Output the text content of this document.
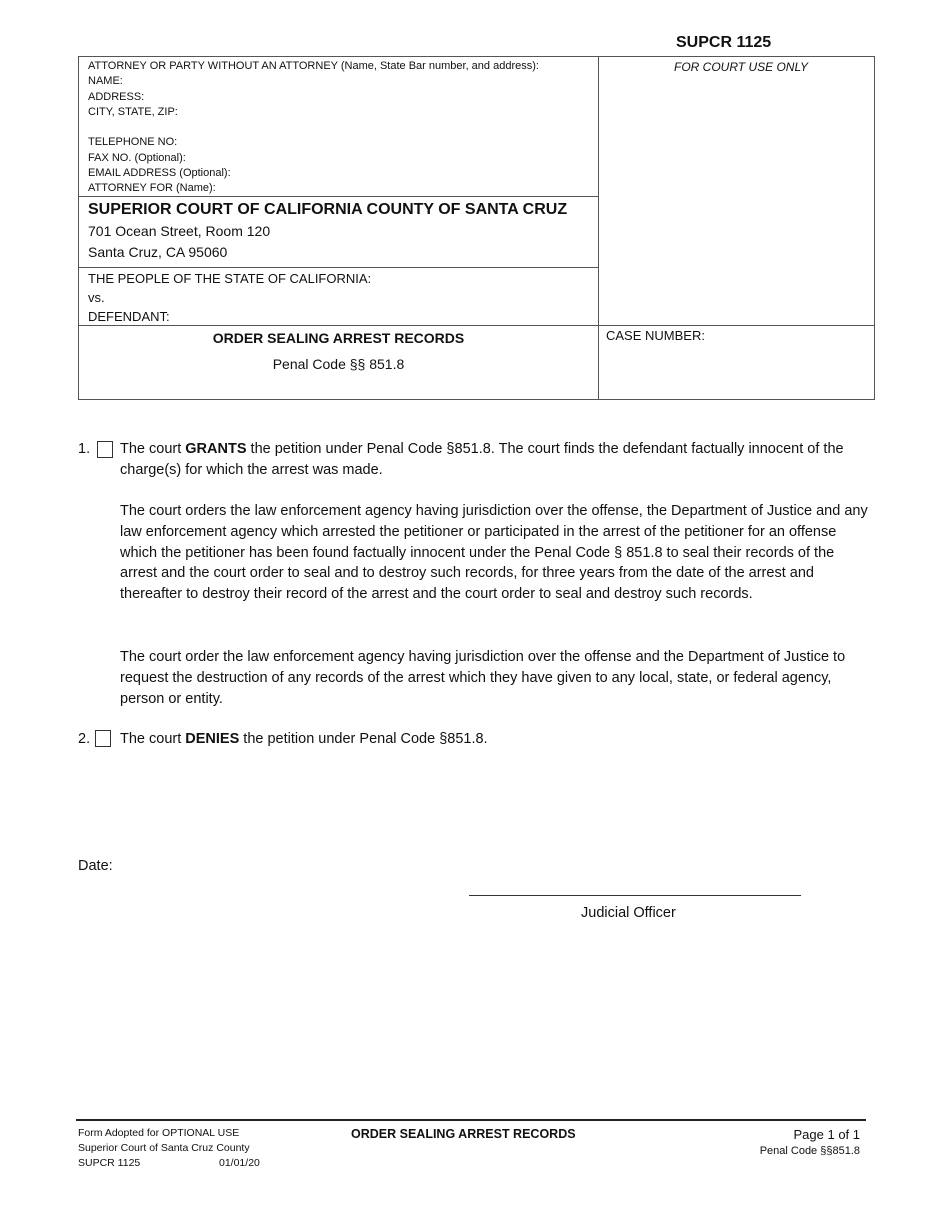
SUPCR 1125
ATTORNEY OR PARTY WITHOUT AN ATTORNEY (Name, State Bar number, and address):
NAME:
ADDRESS:
CITY, STATE, ZIP:

TELEPHONE NO:
FAX NO. (Optional):
EMAIL ADDRESS (Optional):
ATTORNEY FOR (Name):
FOR COURT USE ONLY
SUPERIOR COURT OF CALIFORNIA COUNTY OF SANTA CRUZ
701 Ocean Street, Room 120
Santa Cruz, CA 95060
THE PEOPLE OF THE STATE OF CALIFORNIA:
vs.
DEFENDANT:
ORDER SEALING ARREST RECORDS
Penal Code §§ 851.8
CASE NUMBER:
1. The court GRANTS the petition under Penal Code §851.8. The court finds the defendant factually innocent of the charge(s) for which the arrest was made.
The court orders the law enforcement agency having jurisdiction over the offense, the Department of Justice and any law enforcement agency which arrested the petitioner or participated in the arrest of the petitioner for an offense which the petitioner has been found factually innocent under the Penal Code § 851.8 to seal their records of the arrest and the court order to seal and to destroy such records, for three years from the date of the arrest and thereafter to destroy their record of the arrest and the court order to seal and destroy such records.
The court order the law enforcement agency having jurisdiction over the offense and the Department of Justice to request the destruction of any records of the arrest which they have given to any local, state, or federal agency, person or entity.
2. The court DENIES the petition under Penal Code §851.8.
Date:
Judicial Officer
Form Adopted for OPTIONAL USE
Superior Court of Santa Cruz County
SUPCR 1125	01/01/20
ORDER SEALING ARREST RECORDS	Page 1 of 1
Penal Code §§851.8
